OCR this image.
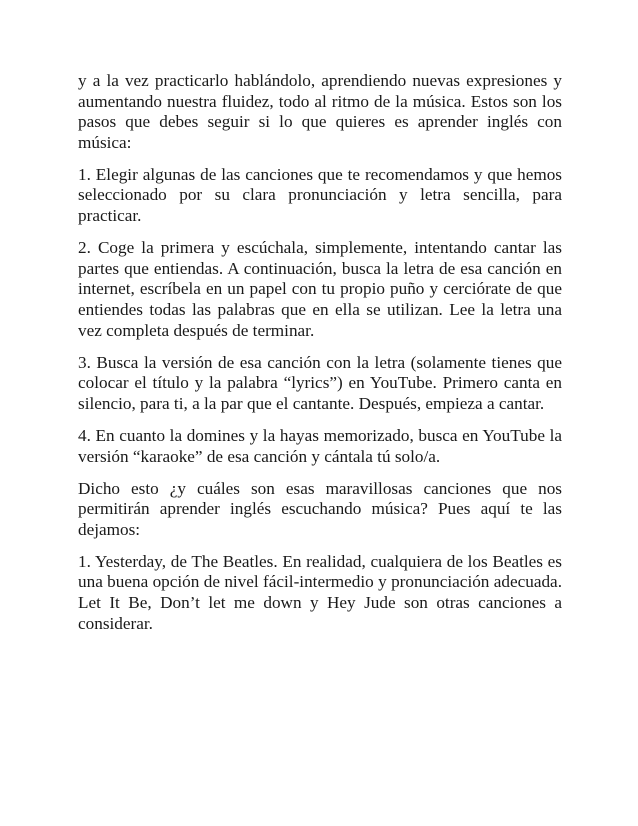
y a la vez practicarlo hablándolo, aprendiendo nuevas expresiones y aumentando nuestra fluidez, todo al ritmo de la música. Estos son los pasos que debes seguir si lo que quieres es aprender inglés con música:

1. Elegir algunas de las canciones que te recomendamos y que hemos seleccionado por su clara pronunciación y letra sencilla, para practicar.

2. Coge la primera y escúchala, simplemente, intentando cantar las partes que entiendas. A continuación, busca la letra de esa canción en internet, escríbela en un papel con tu propio puño y cerciórate de que entiendes todas las palabras que en ella se utilizan. Lee la letra una vez completa después de terminar.

3. Busca la versión de esa canción con la letra (solamente tienes que colocar el título y la palabra “lyrics”) en YouTube. Primero canta en silencio, para ti, a la par que el cantante. Después, empieza a cantar.

4. En cuanto la domines y la hayas memorizado, busca en YouTube la versión “karaoke” de esa canción y cántala tú solo/a.

Dicho esto ¿y cuáles son esas maravillosas canciones que nos permitirán aprender inglés escuchando música? Pues aquí te las dejamos:

1. Yesterday, de The Beatles. En realidad, cualquiera de los Beatles es una buena opción de nivel fácil-intermedio y pronunciación adecuada. Let It Be, Don’t let me down y Hey Jude son otras canciones a considerar.
